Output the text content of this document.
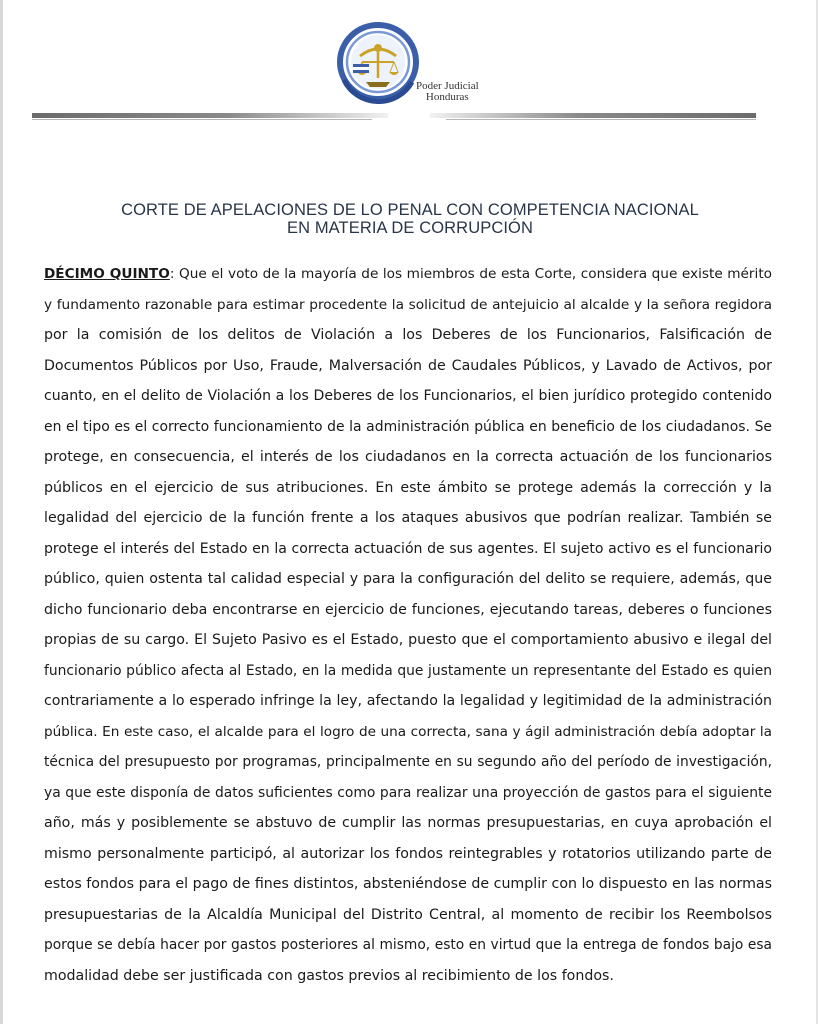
Poder Judicial
Honduras
CORTE DE APELACIONES DE LO PENAL CON COMPETENCIA NACIONAL
EN MATERIA DE CORRUPCIÓN
DÉCIMO QUINTO: Que el voto de la mayoría de los miembros de esta Corte, considera que existe mérito
y fundamento razonable para estimar procedente la solicitud de antejuicio al alcalde y la señora regidora
por la comisión de los delitos de Violación a los Deberes de los Funcionarios, Falsificación de
Documentos Públicos por Uso, Fraude, Malversación de Caudales Públicos, y Lavado de Activos, por
cuanto, en el delito de Violación a los Deberes de los Funcionarios, el bien jurídico protegido contenido
en el tipo es el correcto funcionamiento de la administración pública en beneficio de los ciudadanos. Se
protege, en consecuencia, el interés de los ciudadanos en la correcta actuación de los funcionarios
públicos en el ejercicio de sus atribuciones. En este ámbito se protege además la corrección y la
legalidad del ejercicio de la función frente a los ataques abusivos que podrían realizar. También se
protege el interés del Estado en la correcta actuación de sus agentes. El sujeto activo es el funcionario
público, quien ostenta tal calidad especial y para la configuración del delito se requiere, además, que
dicho funcionario deba encontrarse en ejercicio de funciones, ejecutando tareas, deberes o funciones
propias de su cargo. El Sujeto Pasivo es el Estado, puesto que el comportamiento abusivo e ilegal del
funcionario público afecta al Estado, en la medida que justamente un representante del Estado es quien
contrariamente a lo esperado infringe la ley, afectando la legalidad y legitimidad de la administración
pública. En este caso, el alcalde para el logro de una correcta, sana y ágil administración debía adoptar la
técnica del presupuesto por programas, principalmente en su segundo año del período de investigación,
ya que este disponía de datos suficientes como para realizar una proyección de gastos para el siguiente
año, más y posiblemente se abstuvo de cumplir las normas presupuestarias, en cuya aprobación el
mismo personalmente participó, al autorizar los fondos reintegrables y rotatorios utilizando parte de
estos fondos para el pago de fines distintos, absteniéndose de cumplir con lo dispuesto en las normas
presupuestarias de la Alcaldía Municipal del Distrito Central, al momento de recibir los Reembolsos
porque se debía hacer por gastos posteriores al mismo, esto en virtud que la entrega de fondos bajo esa
modalidad debe ser justificada con gastos previos al recibimiento de los fondos.
